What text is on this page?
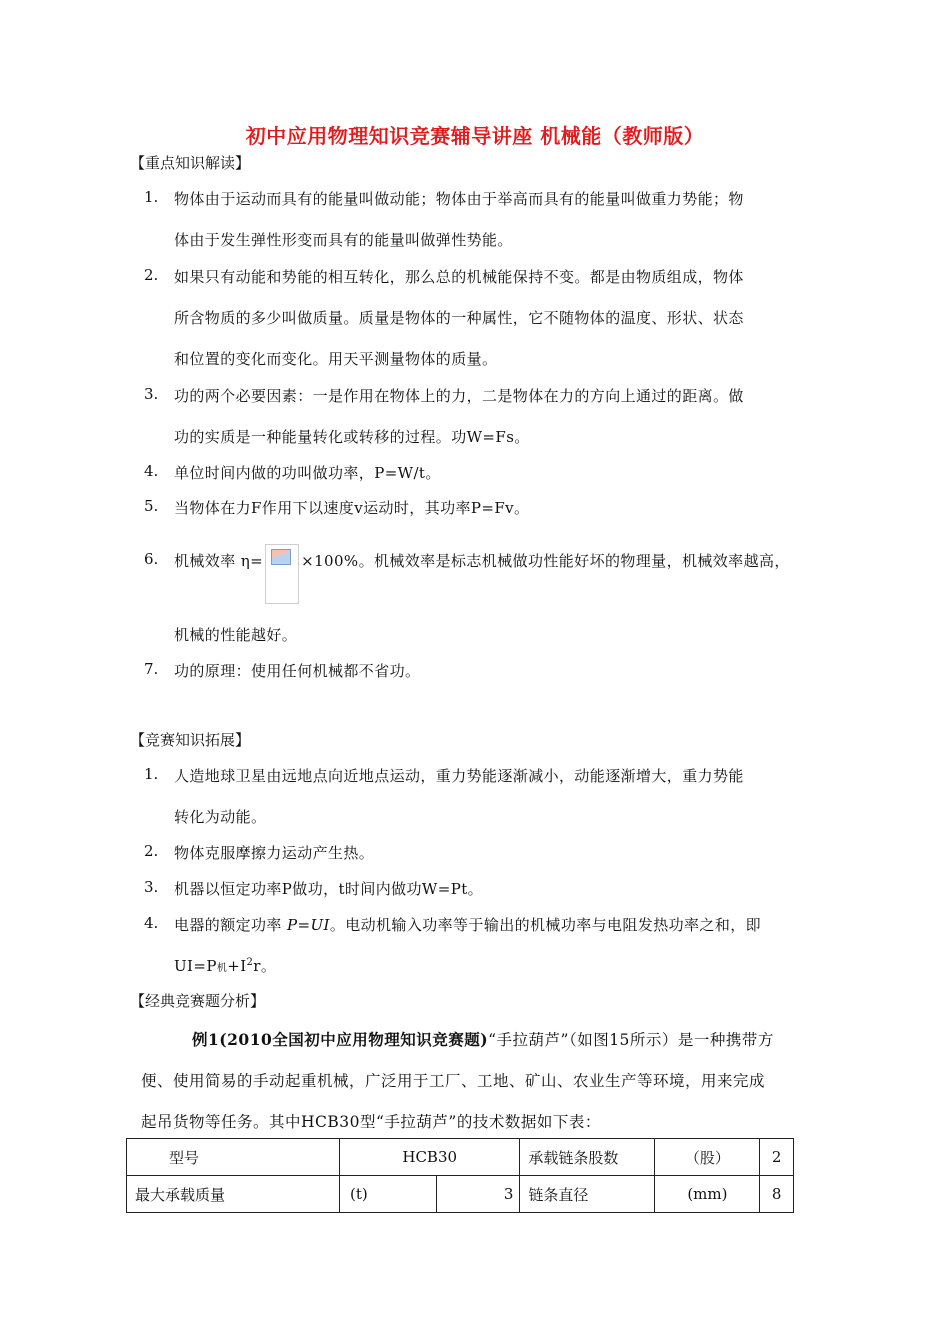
初中应用物理知识竞赛辅导讲座 机械能（教师版）
【重点知识解读】
1. 物体由于运动而具有的能量叫做动能；物体由于举高而具有的能量叫做重力势能；物
体由于发生弹性形变而具有的能量叫做弹性势能。
2. 如果只有动能和势能的相互转化，那么总的机械能保持不变。都是由物质组成，物体
所含物质的多少叫做质量。质量是物体的一种属性，它不随物体的温度、形状、状态
和位置的变化而变化。用天平测量物体的质量。
3. 功的两个必要因素：一是作用在物体上的力，二是物体在力的方向上通过的距离。做
功的实质是一种能量转化或转移的过程。功W=Fs。
4. 单位时间内做的功叫做功率，P=W/t。
5. 当物体在力F作用下以速度v运动时，其功率P=Fv。
6. 机械效率 η=	×100%。机械效率是标志机械做功性能好坏的物理量，机械效率越高，
机械的性能越好。
7. 功的原理：使用任何机械都不省功。
【竞赛知识拓展】
1. 人造地球卫星由远地点向近地点运动，重力势能逐渐减小，动能逐渐增大，重力势能
转化为动能。
2. 物体克服摩擦力运动产生热。
3. 机器以恒定功率P做功，t时间内做功W=Pt。
4. 电器的额定功率 P=UI。电动机输入功率等于输出的机械功率与电阻发热功率之和，即
UI=P机$+I^2r$。
【经典竞赛题分析】
例1(2010全国初中应用物理知识竞赛题)“手拉葫芦”（如图15所示）是一种携带方
便、使用简易的手动起重机械，广泛用于工厂、工地、矿山、农业生产等环境，用来完成
起吊货物等任务。其中HCB30型“手拉葫芦”的技术数据如下表：
型号	HCB30		承载链条股数	（股）	2
最大承载质量	(t)	3	链条直径	(mm)	8
